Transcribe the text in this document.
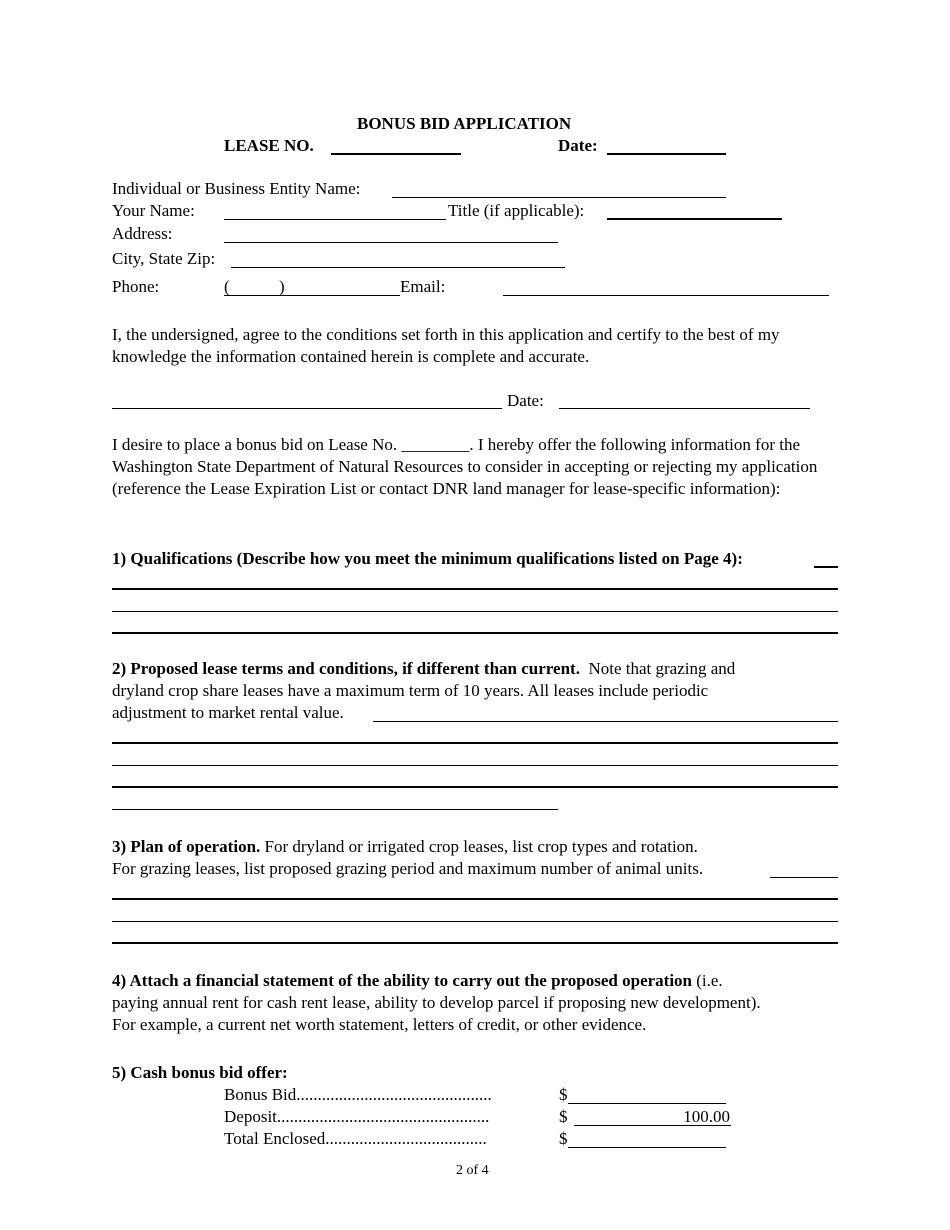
BONUS BID APPLICATION
LEASE NO.	Date:
Individual or Business Entity Name:
Your Name:	Title (if applicable):
Address:
City, State Zip:
Phone:	(	)	Email:
I, the undersigned, agree to the conditions set forth in this application and certify to the best of my knowledge the information contained herein is complete and accurate.
Date:
I desire to place a bonus bid on Lease No. ________. I hereby offer the following information for the Washington State Department of Natural Resources to consider in accepting or rejecting my application (reference the Lease Expiration List or contact DNR land manager for lease-specific information):
1) Qualifications (Describe how you meet the minimum qualifications listed on Page 4):
2) Proposed lease terms and conditions, if different than current. Note that grazing and
dryland crop share leases have a maximum term of 10 years. All leases include periodic
adjustment to market rental value.
3) Plan of operation. For dryland or irrigated crop leases, list crop types and rotation.
For grazing leases, list proposed grazing period and maximum number of animal units.
4) Attach a financial statement of the ability to carry out the proposed operation (i.e.
paying annual rent for cash rent lease, ability to develop parcel if proposing new development).
For example, a current net worth statement, letters of credit, or other evidence.
5) Cash bonus bid offer:
Bonus Bid..............................................	$
Deposit..................................................	$	100.00
Total Enclosed......................................	$
2 of 4
